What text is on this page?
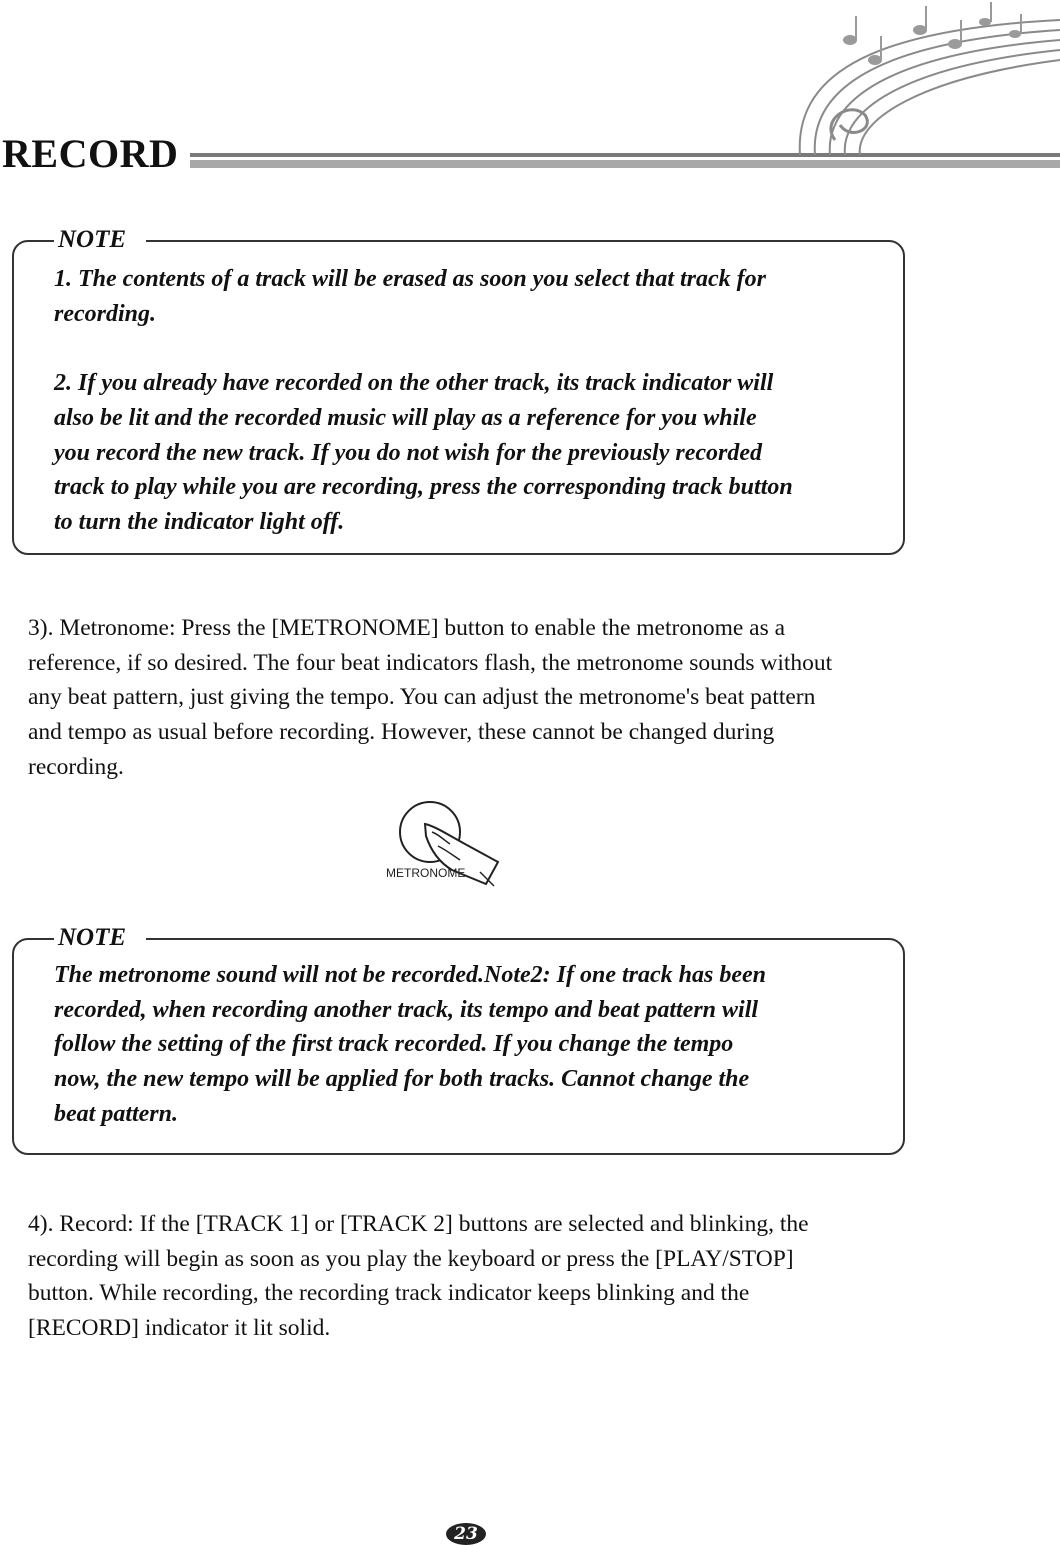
RECORD
NOTE

1. The contents of a track will be erased as soon you select that track for
recording.

2. If you already have recorded on the other track, its track indicator will
also be lit and the recorded music will play as a reference for you while
you record the new track. If you do not wish for the previously recorded
track to play while you are recording, press the corresponding track button
to turn the indicator light off.

3). Metronome: Press the [METRONOME] button to enable the metronome as a
reference, if so desired. The four beat indicators flash, the metronome sounds without
any beat pattern, just giving the tempo. You can adjust the metronome's beat pattern
and tempo as usual before recording. However, these cannot be changed during
recording.

METRONOME
NOTE

The metronome sound will not be recorded.Note2: If one track has been
recorded, when recording another track, its tempo and beat pattern will
follow the setting of the first track recorded. If you change the tempo
now, the new tempo will be applied for both tracks. Cannot change the
beat pattern.

4). Record: If the [TRACK 1] or [TRACK 2] buttons are selected and blinking, the
recording will begin as soon as you play the keyboard or press the [PLAY/STOP]
button. While recording, the recording track indicator keeps blinking and the
[RECORD] indicator it lit solid.

23
